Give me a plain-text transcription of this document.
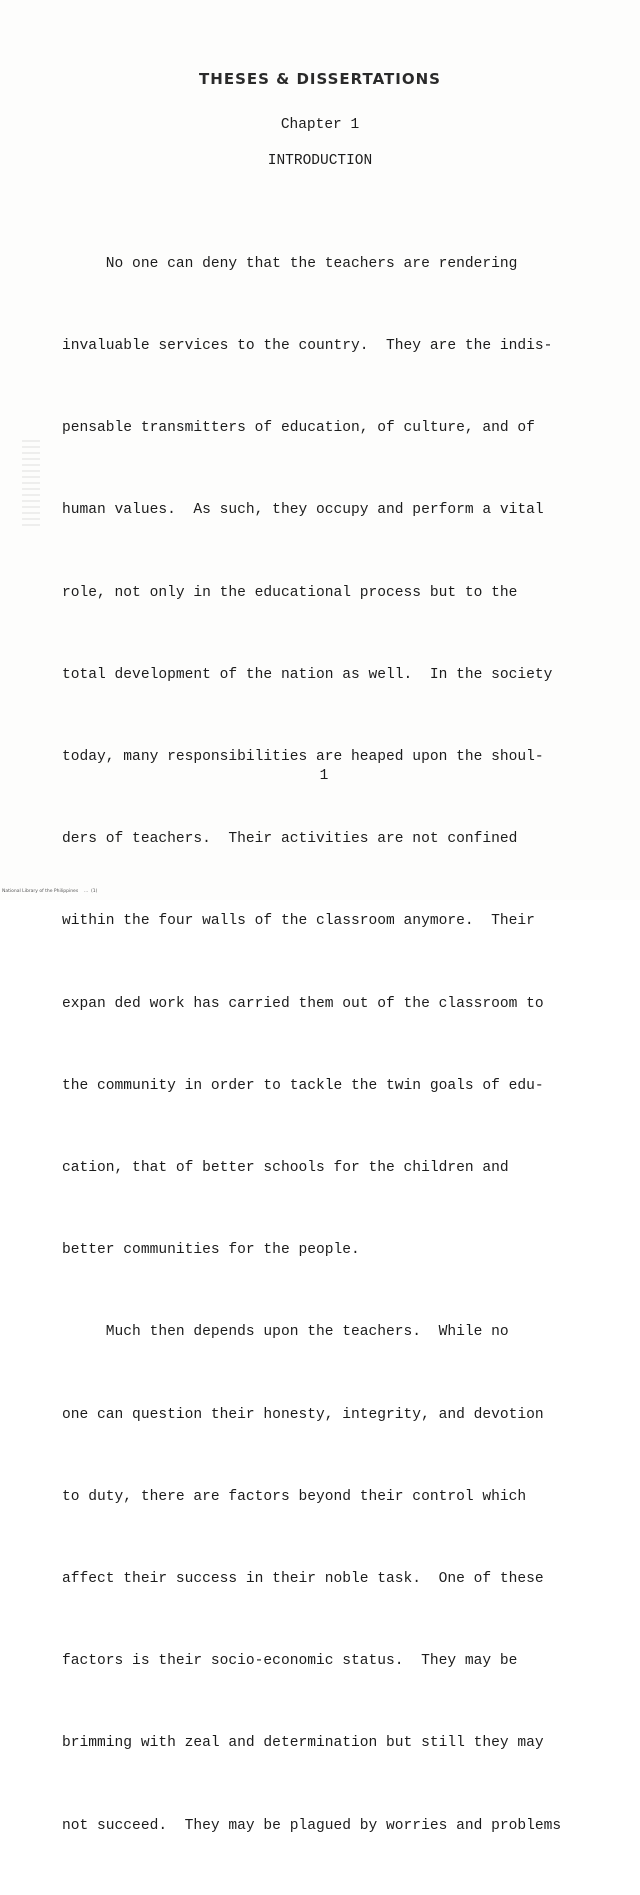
THESES & DISSERTATIONS
Chapter 1
INTRODUCTION

No one can deny that the teachers are rendering

invaluable services to the country.  They are the indis-

pensable transmitters of education, of culture, and of

human values.  As such, they occupy and perform a vital

role, not only in the educational process but to the

total development of the nation as well.  In the society

today, many responsibilities are heaped upon the shoul-

ders of teachers.  Their activities are not confined

within the four walls of the classroom anymore.  Their

expan ded work has carried them out of the classroom to

the community in order to tackle the twin goals of edu-

cation, that of better schools for the children and

better communities for the people.

Much then depends upon the teachers.  While no

one can question their honesty, integrity, and devotion

to duty, there are factors beyond their control which

affect their success in their noble task.  One of these

factors is their socio-economic status.  They may be

brimming with zeal and determination but still they may

not succeed.  They may be plagued by worries and problems

1
National Library of the Philippines    ...  (1)
